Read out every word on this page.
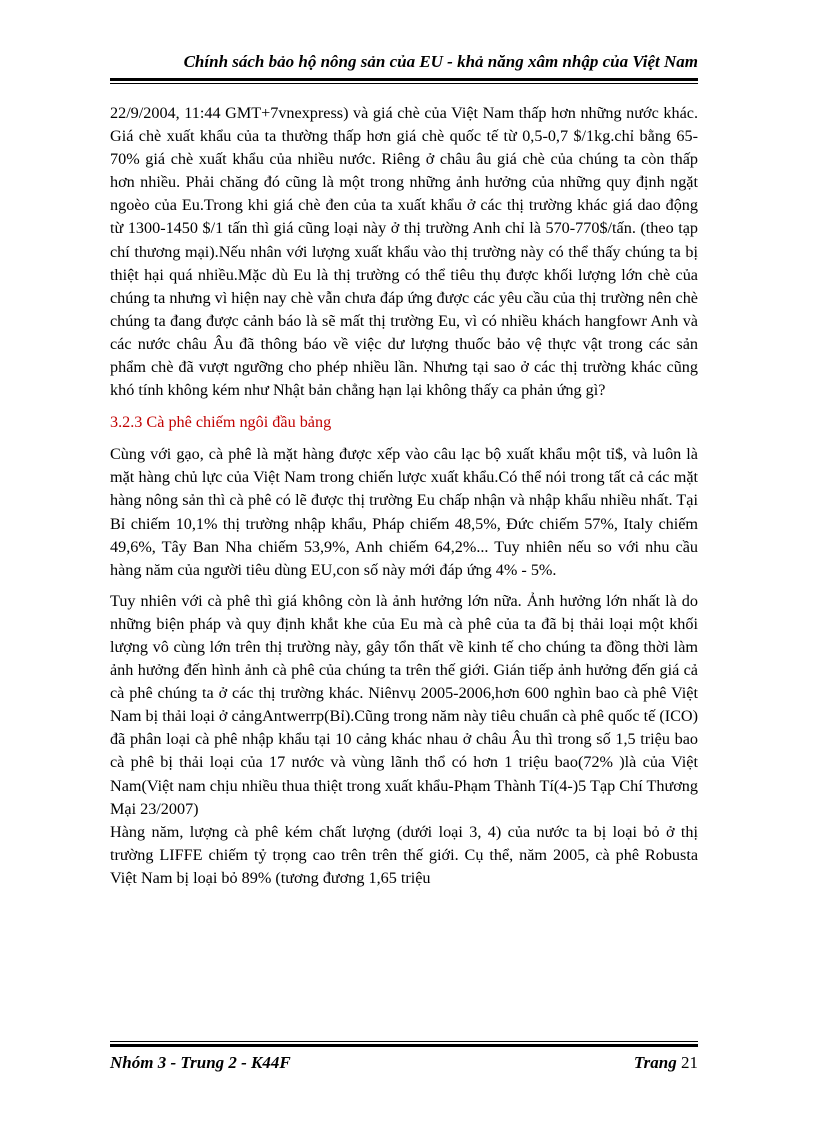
Chính sách bảo hộ nông sản của EU - khả năng xâm nhập của Việt Nam

22/9/2004, 11:44 GMT+7vnexpress) và giá chè của Việt Nam thấp hơn những nước khác. Giá chè xuất khẩu của ta thường thấp hơn giá chè quốc tế từ 0,5-0,7 $/1kg.chỉ bằng 65-70% giá chè xuất khẩu của nhiều nước. Riêng ở châu âu giá chè của chúng ta còn thấp hơn nhiều. Phải chăng đó cũng là một trong những ảnh hưởng của những quy định ngặt ngoèo của Eu.Trong khi giá chè đen của ta xuất khẩu ở các thị trường khác giá dao động từ 1300-1450 $/1 tấn thì giá cũng loại này ở thị trường Anh chỉ là 570-770$/tấn. (theo tạp chí thương mại).Nếu nhân với lượng xuất khẩu vào thị trường này có thể thấy chúng ta bị thiệt hại quá nhiều.Mặc dù Eu là thị trường có thể tiêu thụ được khối lượng lớn chè của chúng ta nhưng vì hiện nay chè vẫn chưa đáp ứng được các yêu cầu của thị trường nên chè chúng ta đang được cảnh báo là sẽ mất thị trường Eu, vì có nhiều khách hangfowr Anh và các nước châu Âu đã thông báo về việc dư lượng thuốc bảo vệ thực vật trong các sản phẩm chè đã vượt ngưỡng cho phép nhiều lần. Nhưng tại sao ở các thị trường khác cũng khó tính không kém như Nhật bản chẳng hạn lại không thấy ca phản ứng gì?

3.2.3 Cà phê chiếm ngôi đầu bảng

Cùng với gạo, cà phê là mặt hàng được xếp vào câu lạc bộ xuất khẩu một tỉ$, và luôn là mặt hàng chủ lực của Việt Nam trong chiến lược xuất khẩu.Có thể nói trong tất cả các mặt hàng nông sản thì cà phê có lẽ được thị trường Eu chấp nhận và nhập khẩu nhiều nhất. Tại Bỉ chiếm 10,1% thị trường nhập khẩu, Pháp chiếm 48,5%, Đức chiếm 57%, Italy chiếm 49,6%, Tây Ban Nha chiếm 53,9%, Anh chiếm 64,2%... Tuy nhiên nếu so với nhu cầu hàng năm của người tiêu dùng EU,con số này mới đáp ứng 4% - 5%.

Tuy nhiên với cà phê thì giá không còn là ảnh hưởng lớn nữa. Ảnh hưởng lớn nhất là do những biện pháp và quy định khắt khe của Eu mà cà phê của ta đã bị thải loại một khối lượng vô cùng lớn trên thị trường này, gây tổn thất về kinh tế cho chúng ta đồng thời làm ảnh hưởng đến hình ảnh cà phê của chúng ta trên thế giới. Gián tiếp ảnh hưởng đến giá cả cà phê chúng ta ở các thị trường khác. Niênvụ 2005-2006,hơn 600 nghìn bao cà phê Việt Nam bị thải loại ở cảngAntwerrp(Bỉ).Cũng trong năm này tiêu chuẩn cà phê quốc tế (ICO) đã phân loại cà phê nhập khẩu tại 10 cảng khác nhau ở châu Âu thì trong số 1,5 triệu bao cà phê bị thải loại của 17 nước và vùng lãnh thổ có hơn 1 triệu bao(72% )là của Việt Nam(Việt nam chịu nhiều thua thiệt trong xuất khẩu-Phạm Thành Tí(4-)5 Tạp Chí Thương Mại 23/2007)

Hàng năm, lượng cà phê kém chất lượng (dưới loại 3, 4) của nước ta bị loại bỏ ở thị trường LIFFE chiếm tỷ trọng cao trên trên thế giới. Cụ thể, năm 2005, cà phê Robusta Việt Nam bị loại bỏ 89% (tương đương 1,65 triệu

Nhóm 3 - Trung 2 - K44F	Trang 21
